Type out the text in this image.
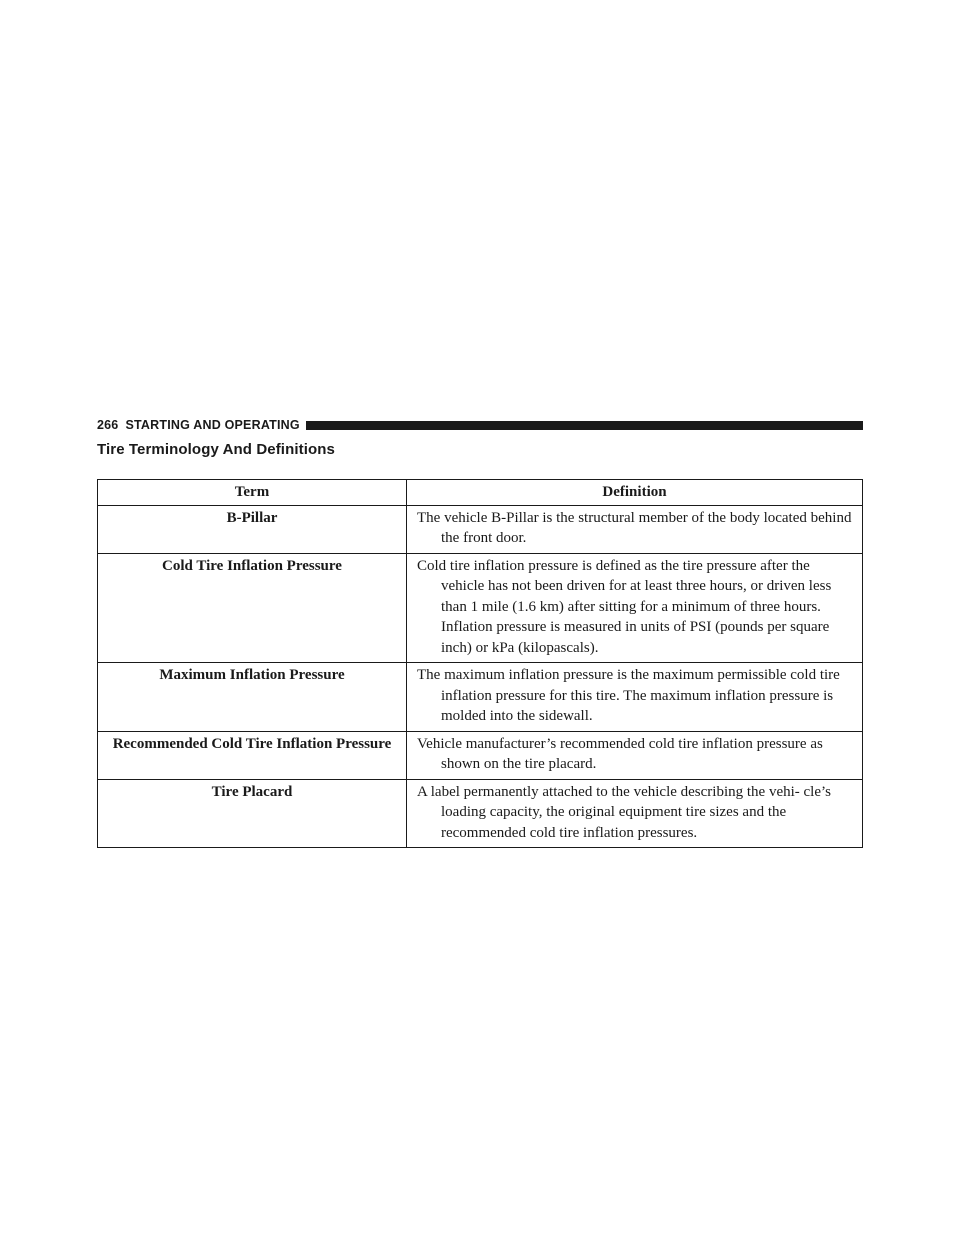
266 STARTING AND OPERATING
Tire Terminology And Definitions
Term	Definition
B-Pillar	The vehicle B-Pillar is the structural member of the body located behind the front door.

Cold Tire Inflation Pressure	Cold tire inflation pressure is defined as the tire pressure after the vehicle has not been driven for at least three hours, or driven less than 1 mile (1.6 km) after sitting for a minimum of three hours. Inflation pressure is measured in units of PSI (pounds per square inch) or kPa (kilopascals).

Maximum Inflation Pressure	The maximum inflation pressure is the maximum permissible cold tire inflation pressure for this tire. The maximum inflation pressure is molded into the sidewall.

Recommended Cold Tire Inflation Pressure	Vehicle manufacturer’s recommended cold tire inflation pressure as shown on the tire placard.

Tire Placard	A label permanently attached to the vehicle describing the vehi- cle’s loading capacity, the original equipment tire sizes and the recommended cold tire inflation pressures.
